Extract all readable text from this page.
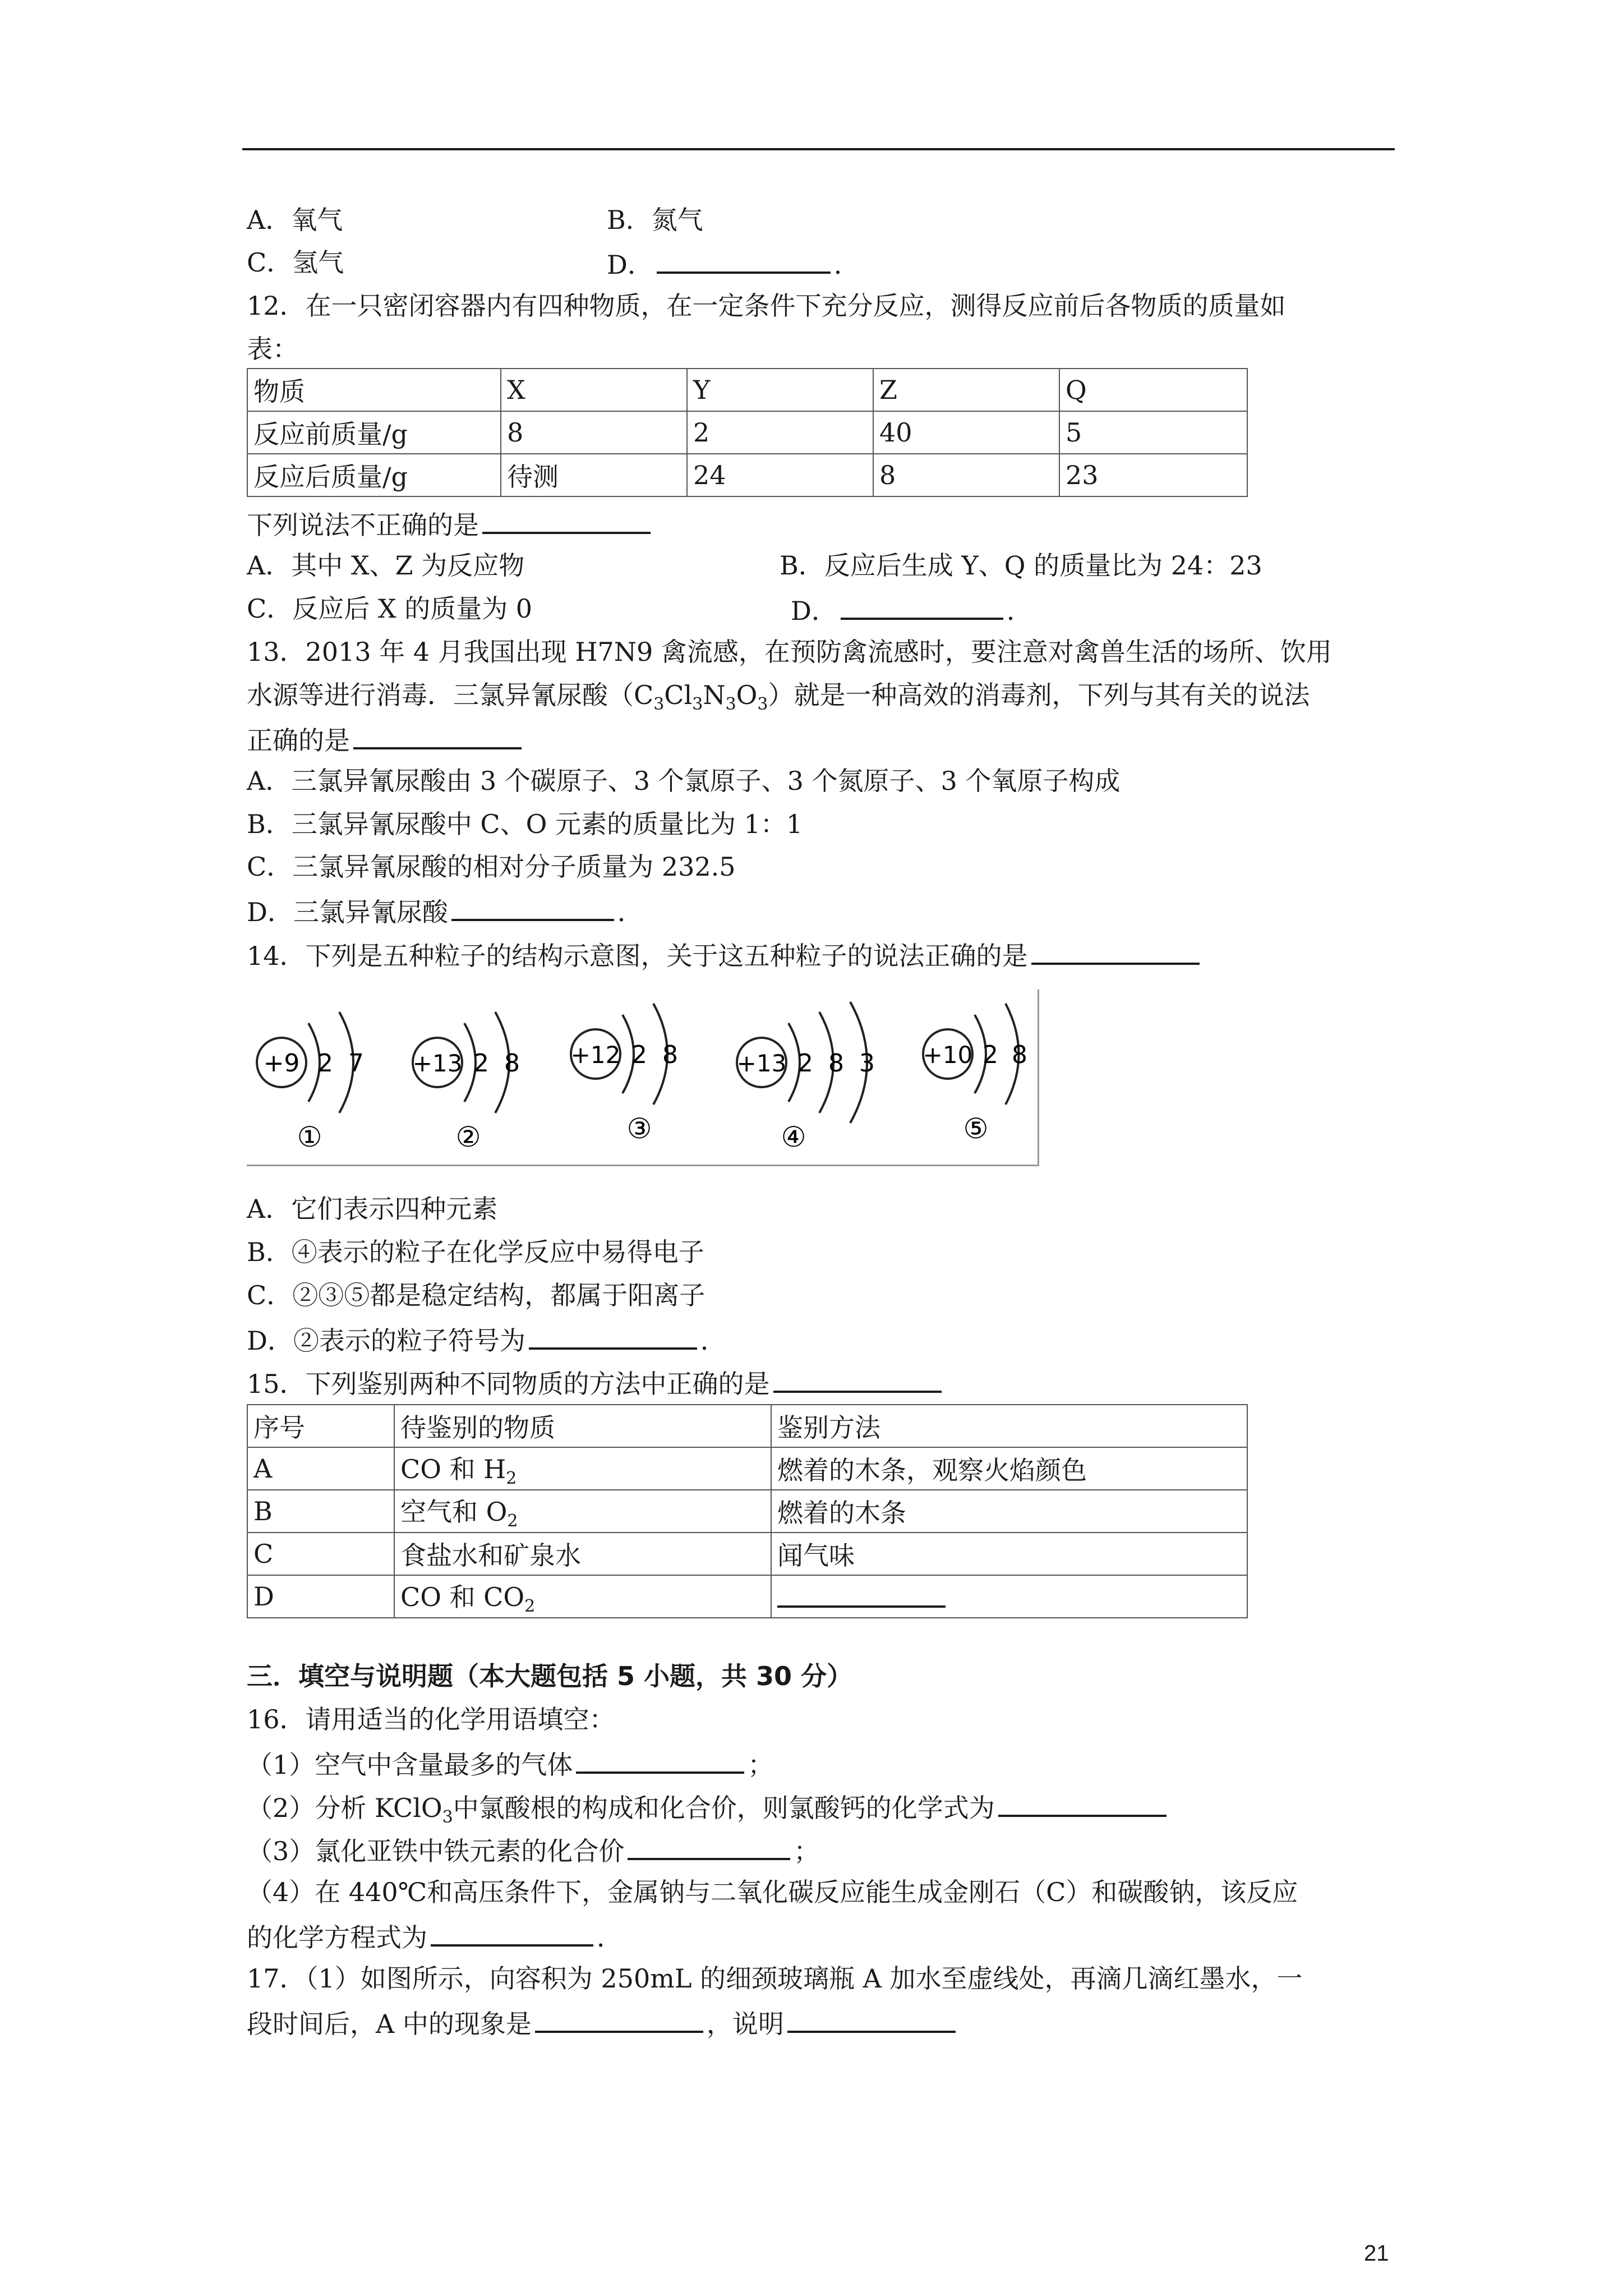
A．氧气	B．氮气
C．氢气	D．	．
12．在一只密闭容器内有四种物质，在一定条件下充分反应，测得反应前后各物质的质量如
表：
物质	X	Y	Z	Q
反应前质量/g	8	2	40	5
反应后质量/g	待测	24	8	23
下列说法不正确的是
A．其中 X、Z 为反应物	B．反应后生成 Y、Q 的质量比为 24：23
C．反应后 X 的质量为 0	D．	．
13．2013 年 4 月我国出现 H7N9 禽流感，在预防禽流感时，要注意对禽兽生活的场所、饮用
水源等进行消毒．三氯异氰尿酸$(C_3Cl_3N_3O_3)$就是一种高效的消毒剂，下列与其有关的说法
正确的是
A．三氯异氰尿酸由 3 个碳原子、3 个氯原子、3 个氮原子、3 个氧原子构成
B．三氯异氰尿酸中 C、O 元素的质量比为 1：1
C．三氯异氰尿酸的相对分子质量为 232.5
D．三氯异氰尿酸	．
14．下列是五种粒子的结构示意图，关于这五种粒子的说法正确的是
+9 2 7
①
+13 2 8
②
+12 2 8
③
+13 2 8 3
④
+10 2 8
⑤
A．它们表示四种元素
B．④表示的粒子在化学反应中易得电子
C．②③⑤都是稳定结构，都属于阳离子
D．②表示的粒子符号为	．
15．下列鉴别两种不同物质的方法中正确的是
序号	待鉴别的物质	鉴别方法
A	CO 和 $H_2$	燃着的木条，观察火焰颜色
B	空气和 $O_2$	燃着的木条
C	食盐水和矿泉水	闻气味
D	CO 和 $CO_2$	
三．填空与说明题（本大题包括 5 小题，共 30 分）
16．请用适当的化学用语填空：
（1）空气中含量最多的气体	；
（2）分析 KClO$_3$中氯酸根的构成和化合价，则氯酸钙的化学式为
（3）氯化亚铁中铁元素的化合价	；
（4）在 440℃和高压条件下，金属钠与二氧化碳反应能生成金刚石（C）和碳酸钠，该反应
的化学方程式为	．
17．（1）如图所示，向容积为 250mL 的细颈玻璃瓶 A 加水至虚线处，再滴几滴红墨水，一
段时间后，A 中的现象是	，说明
21
